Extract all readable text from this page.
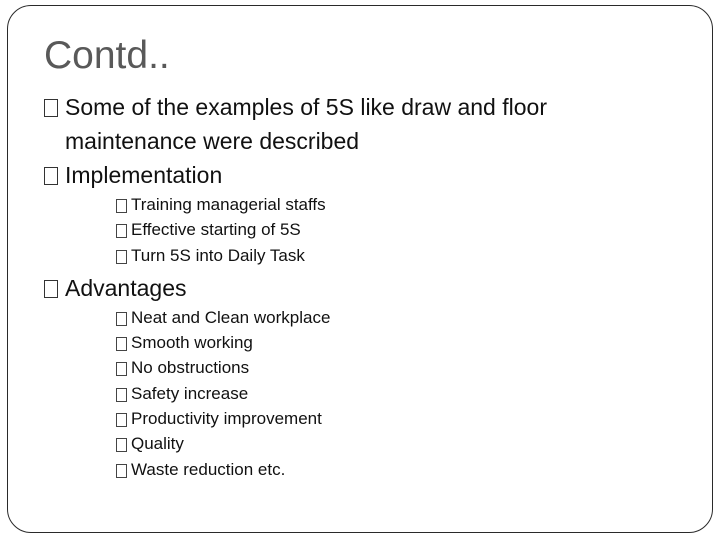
Contd..
Some of the examples of 5S like draw and floor
maintenance were described
Implementation
Training managerial staffs
Effective starting of 5S
Turn 5S into Daily Task
Advantages
Neat and Clean workplace
Smooth working
No obstructions
Safety increase
Productivity improvement
Quality
Waste reduction etc.
